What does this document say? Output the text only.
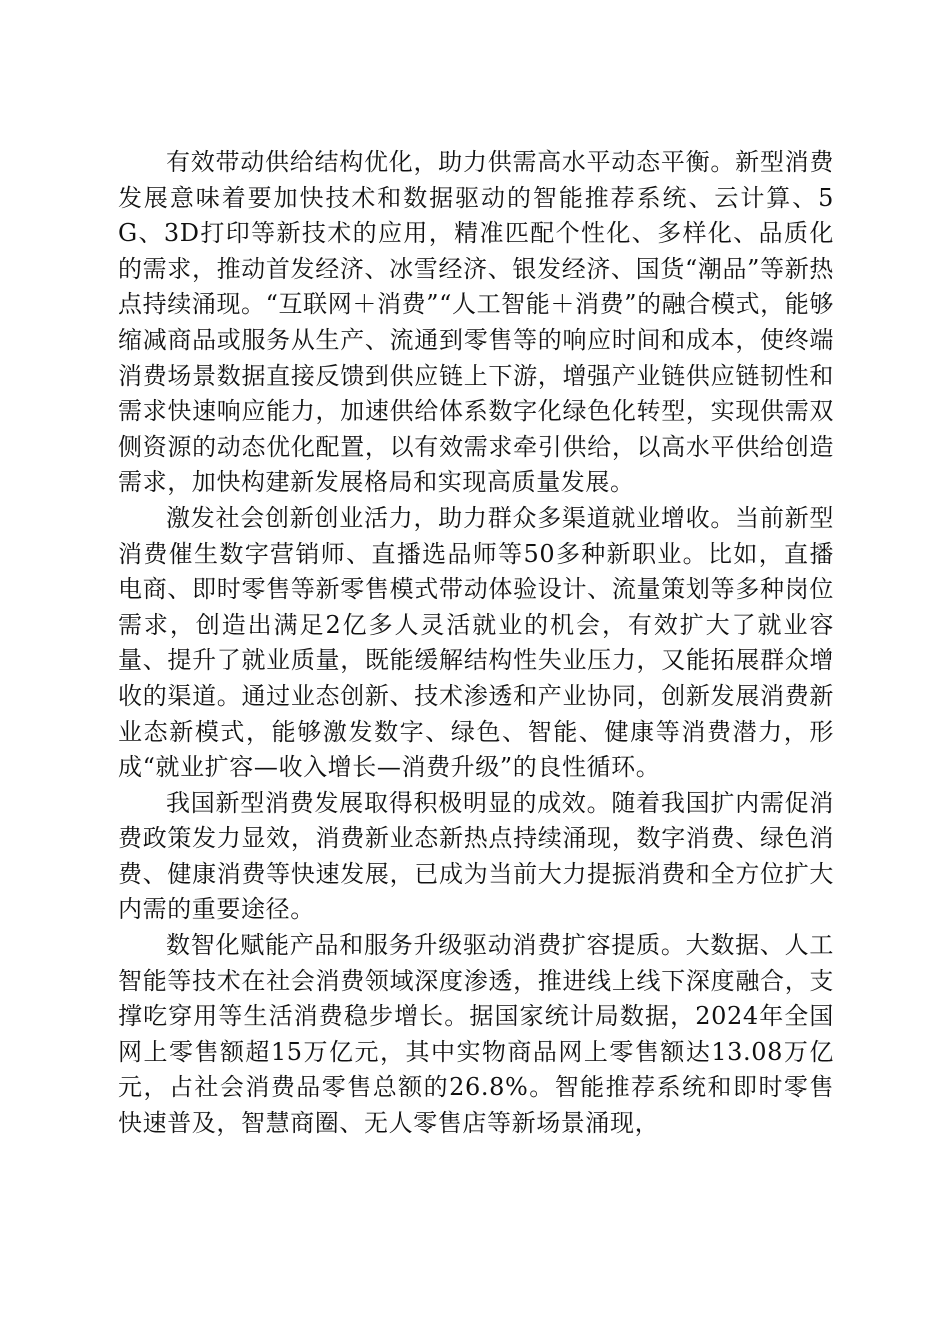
有效带动供给结构优化，助力供需高水平动态平衡。新型消费发展意味着要加快技术和数据驱动的智能推荐系统、云计算、5G、3D打印等新技术的应用，精准匹配个性化、多样化、品质化的需求，推动首发经济、冰雪经济、银发经济、国货“潮品”等新热点持续涌现。“互联网＋消费”“人工智能＋消费”的融合模式，能够缩减商品或服务从生产、流通到零售等的响应时间和成本，使终端消费场景数据直接反馈到供应链上下游，增强产业链供应链韧性和需求快速响应能力，加速供给体系数字化绿色化转型，实现供需双侧资源的动态优化配置，以有效需求牵引供给，以高水平供给创造需求，加快构建新发展格局和实现高质量发展。

激发社会创新创业活力，助力群众多渠道就业增收。当前新型消费催生数字营销师、直播选品师等50多种新职业。比如，直播电商、即时零售等新零售模式带动体验设计、流量策划等多种岗位需求，创造出满足2亿多人灵活就业的机会，有效扩大了就业容量、提升了就业质量，既能缓解结构性失业压力，又能拓展群众增收的渠道。通过业态创新、技术渗透和产业协同，创新发展消费新业态新模式，能够激发数字、绿色、智能、健康等消费潜力，形成“就业扩容—收入增长—消费升级”的良性循环。

我国新型消费发展取得积极明显的成效。随着我国扩内需促消费政策发力显效，消费新业态新热点持续涌现，数字消费、绿色消费、健康消费等快速发展，已成为当前大力提振消费和全方位扩大内需的重要途径。

数智化赋能产品和服务升级驱动消费扩容提质。大数据、人工智能等技术在社会消费领域深度渗透，推进线上线下深度融合，支撑吃穿用等生活消费稳步增长。据国家统计局数据，2024年全国网上零售额超15万亿元，其中实物商品网上零售额达13.08万亿元，占社会消费品零售总额的26.8%。智能推荐系统和即时零售快速普及，智慧商圈、无人零售店等新场景涌现，
